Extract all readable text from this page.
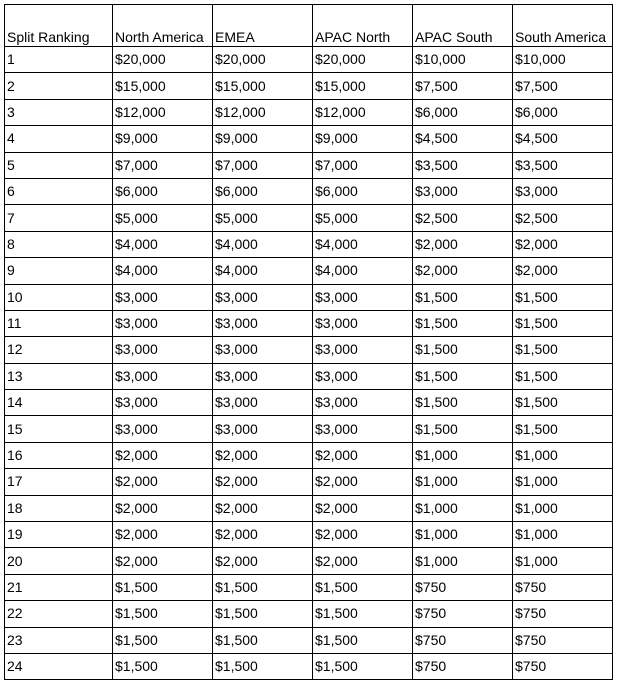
Split Ranking	North America	EMEA	APAC North	APAC South	South America
1	$20,000	$20,000	$20,000	$10,000	$10,000
2	$15,000	$15,000	$15,000	$7,500	$7,500
3	$12,000	$12,000	$12,000	$6,000	$6,000
4	$9,000	$9,000	$9,000	$4,500	$4,500
5	$7,000	$7,000	$7,000	$3,500	$3,500
6	$6,000	$6,000	$6,000	$3,000	$3,000
7	$5,000	$5,000	$5,000	$2,500	$2,500
8	$4,000	$4,000	$4,000	$2,000	$2,000
9	$4,000	$4,000	$4,000	$2,000	$2,000
10	$3,000	$3,000	$3,000	$1,500	$1,500
11	$3,000	$3,000	$3,000	$1,500	$1,500
12	$3,000	$3,000	$3,000	$1,500	$1,500
13	$3,000	$3,000	$3,000	$1,500	$1,500
14	$3,000	$3,000	$3,000	$1,500	$1,500
15	$3,000	$3,000	$3,000	$1,500	$1,500
16	$2,000	$2,000	$2,000	$1,000	$1,000
17	$2,000	$2,000	$2,000	$1,000	$1,000
18	$2,000	$2,000	$2,000	$1,000	$1,000
19	$2,000	$2,000	$2,000	$1,000	$1,000
20	$2,000	$2,000	$2,000	$1,000	$1,000
21	$1,500	$1,500	$1,500	$750	$750
22	$1,500	$1,500	$1,500	$750	$750
23	$1,500	$1,500	$1,500	$750	$750
24	$1,500	$1,500	$1,500	$750	$750
